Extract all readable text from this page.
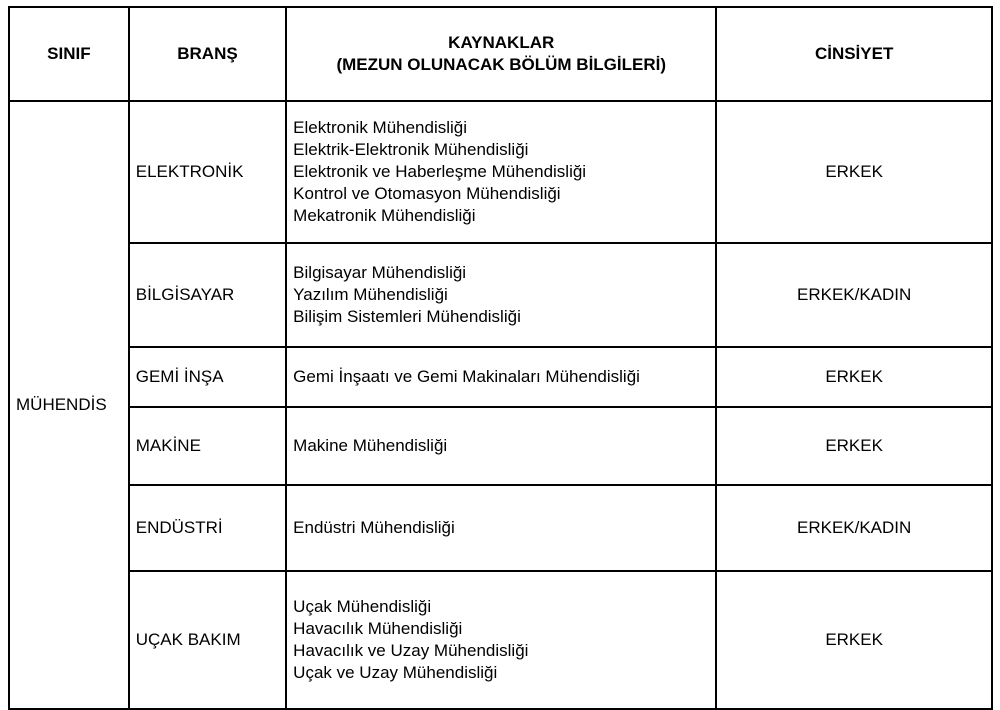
SINIF	BRANŞ	KAYNAKLAR
(MEZUN OLUNACAK BÖLÜM BİLGİLERİ)	CİNSİYET
MÜHENDİS	ELEKTRONİK	Elektronik Mühendisliği
Elektrik-Elektronik Mühendisliği
Elektronik ve Haberleşme Mühendisliği
Kontrol ve Otomasyon Mühendisliği
Mekatronik Mühendisliği	ERKEK
	BİLGİSAYAR	Bilgisayar Mühendisliği
Yazılım Mühendisliği
Bilişim Sistemleri Mühendisliği	ERKEK/KADIN
	GEMİ İNŞA	Gemi İnşaatı ve Gemi Makinaları Mühendisliği	ERKEK
	MAKİNE	Makine Mühendisliği	ERKEK
	ENDÜSTRİ	Endüstri Mühendisliği	ERKEK/KADIN
	UÇAK BAKIM	Uçak Mühendisliği
Havacılık Mühendisliği
Havacılık ve Uzay Mühendisliği
Uçak ve Uzay Mühendisliği	ERKEK
